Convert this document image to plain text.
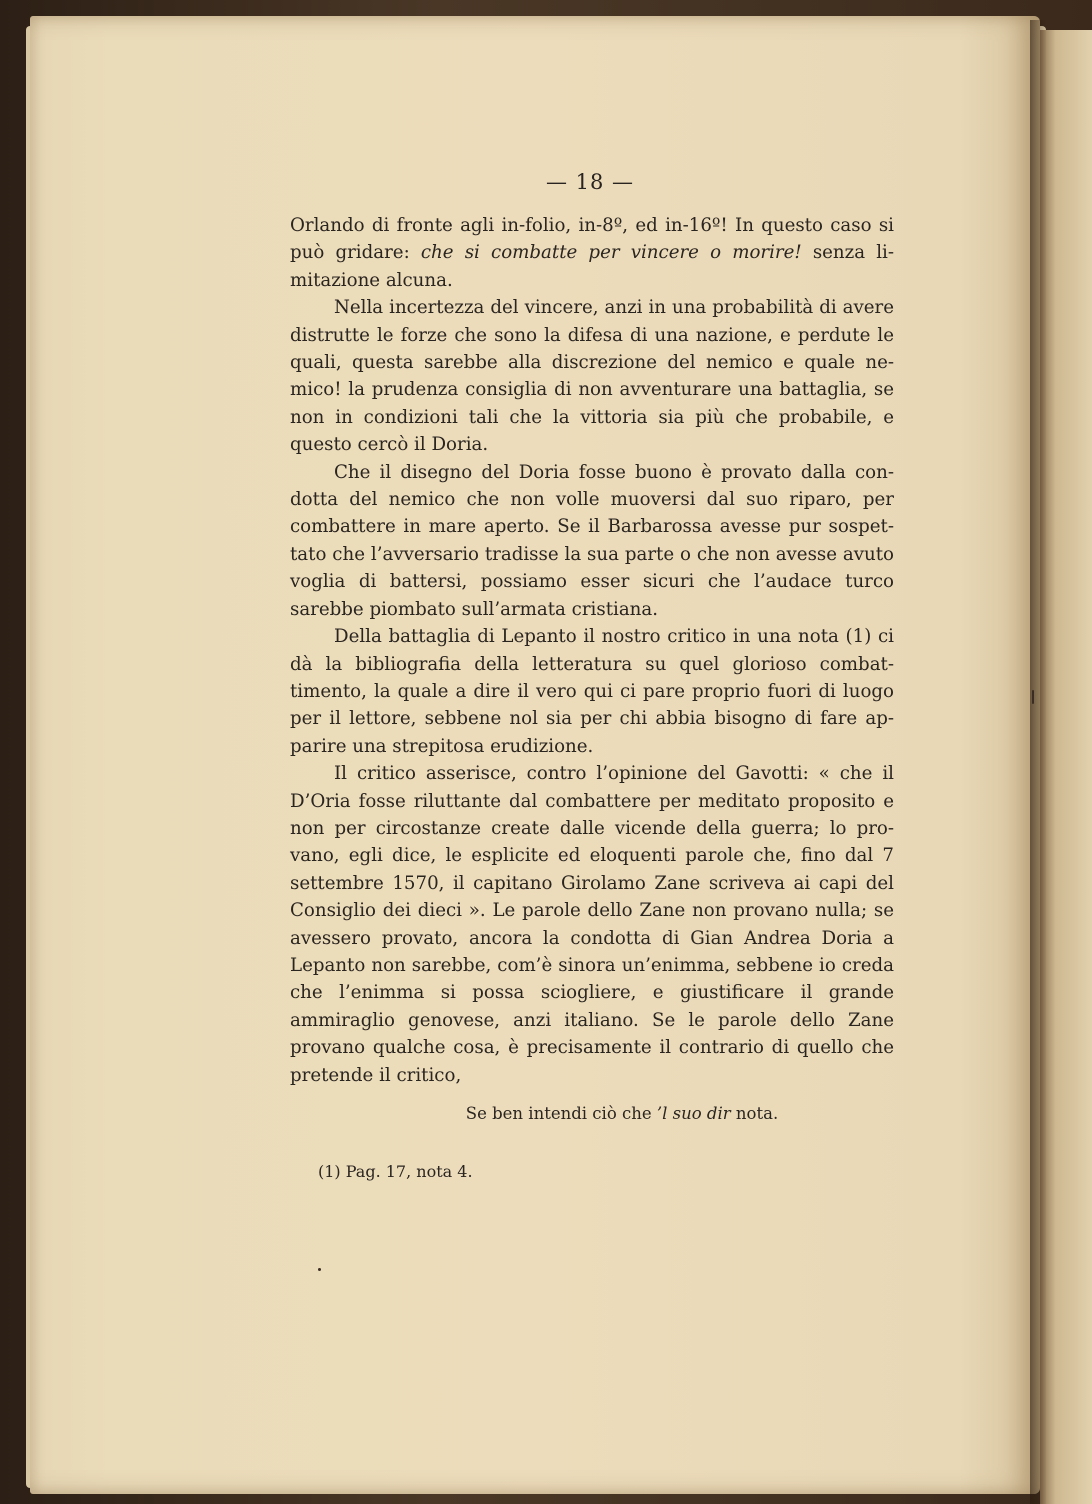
— 18 —

Orlando di fronte agli in-folio, in-8º, ed in-16º! In questo caso si può gridare: che si combatte per vincere o morire! senza li-mitazione alcuna.

Nella incertezza del vincere, anzi in una probabilità di avere distrutte le forze che sono la difesa di una nazione, e perdute le quali, questa sarebbe alla discrezione del nemico e quale ne-mico! la prudenza consiglia di non avventurare una battaglia, se non in condizioni tali che la vittoria sia più che probabile, e questo cercò il Doria.

Che il disegno del Doria fosse buono è provato dalla con-dotta del nemico che non volle muoversi dal suo riparo, per combattere in mare aperto. Se il Barbarossa avesse pur sospet-tato che l’avversario tradisse la sua parte o che non avesse avuto voglia di battersi, possiamo esser sicuri che l’audace turco sarebbe piombato sull’armata cristiana.

Della battaglia di Lepanto il nostro critico in una nota (1) ci dà la bibliografia della letteratura su quel glorioso combat-timento, la quale a dire il vero qui ci pare proprio fuori di luogo per il lettore, sebbene nol sia per chi abbia bisogno di fare ap-parire una strepitosa erudizione.

Il critico asserisce, contro l’opinione del Gavotti: « che il D’Oria fosse riluttante dal combattere per meditato proposito e non per circostanze create dalle vicende della guerra; lo pro-vano, egli dice, le esplicite ed eloquenti parole che, fino dal 7 settembre 1570, il capitano Girolamo Zane scriveva ai capi del Consiglio dei dieci ». Le parole dello Zane non provano nulla; se avessero provato, ancora la condotta di Gian Andrea Doria a Lepanto non sarebbe, com’è sinora un’enimma, sebbene io creda che l’enimma si possa sciogliere, e giustificare il grande ammiraglio genovese, anzi italiano. Se le parole dello Zane provano qualche cosa, è precisamente il contrario di quello che pretende il critico,

Se ben intendi ciò che ’l suo dir nota.
(1) Pag. 17, nota 4.
